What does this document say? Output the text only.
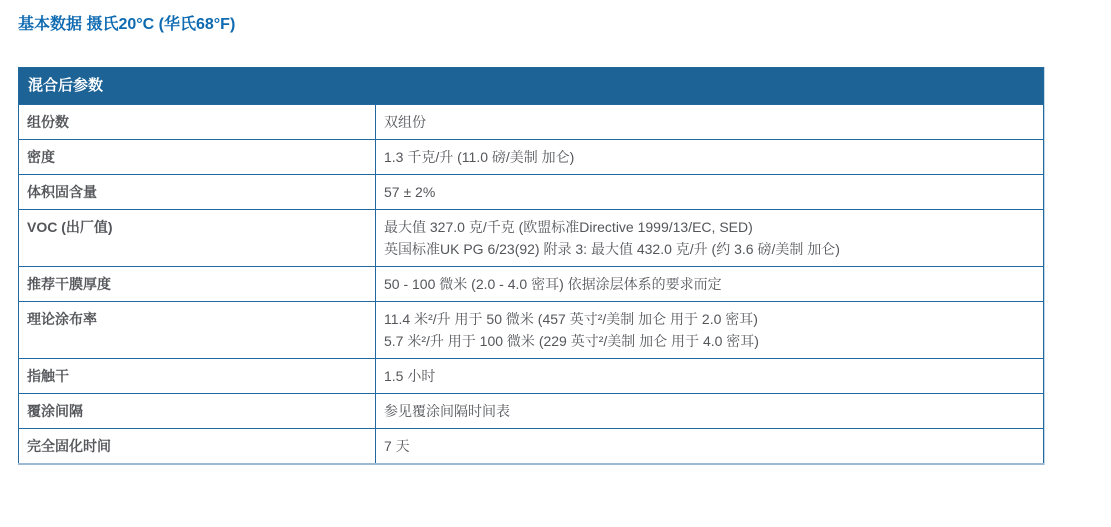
基本数据 摄氏20°C (华氏68°F)
混合后参数	
组份数	双组份

密度	1.3 千克/升 (11.0 磅/美制 加仑)

体积固含量	57 ± 2%

VOC (出厂值)	最大值 327.0 克/千克 (欧盟标准Directive 1999/13/EC, SED)
英国标准UK PG 6/23(92) 附录 3: 最大值 432.0 克/升 (约 3.6 磅/美制 加仑)

推荐干膜厚度	50 - 100 微米 (2.0 - 4.0 密耳) 依据涂层体系的要求而定

理论涂布率	11.4 米²/升 用于 50 微米 (457 英寸²/美制 加仑 用于 2.0 密耳)
5.7 米²/升 用于 100 微米 (229 英寸²/美制 加仑 用于 4.0 密耳)

指触干	1.5 小时

覆涂间隔	参见覆涂间隔时间表

完全固化时间	7 天
